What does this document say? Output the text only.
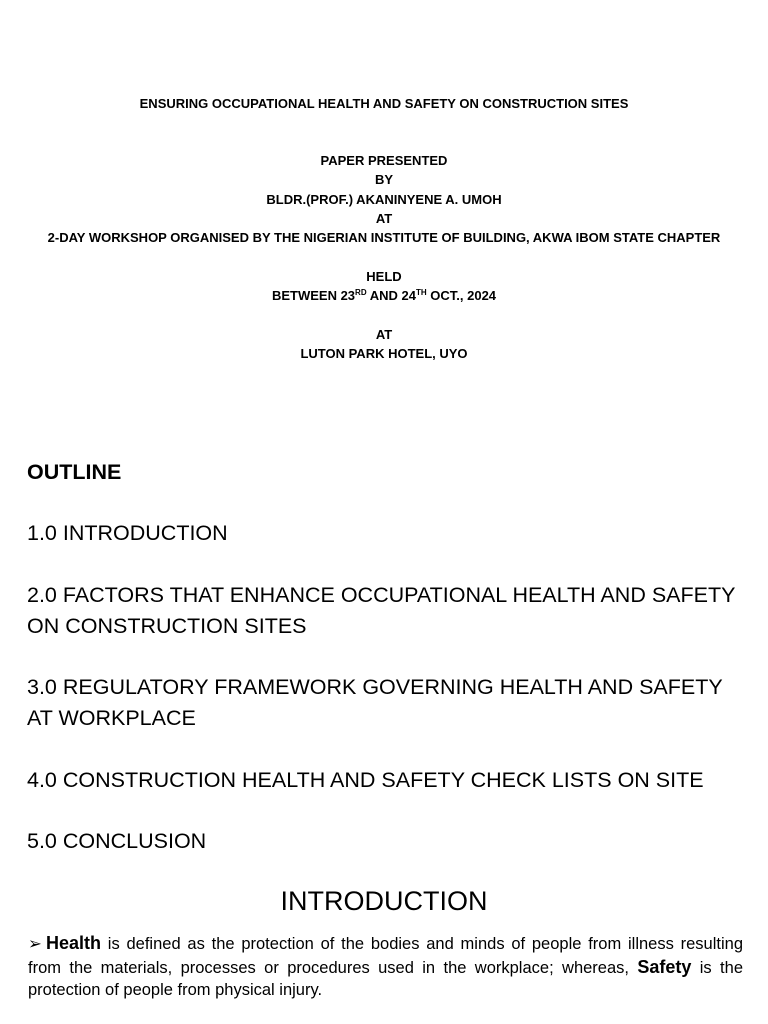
ENSURING OCCUPATIONAL HEALTH AND SAFETY ON CONSTRUCTION SITES
PAPER PRESENTED
BY
BLDR.(PROF.) AKANINYENE A. UMOH
AT
2-DAY WORKSHOP ORGANISED BY THE NIGERIAN INSTITUTE OF BUILDING, AKWA IBOM STATE CHAPTER
HELD
BETWEEN 23RD AND 24TH OCT., 2024
AT
LUTON PARK HOTEL, UYO
OUTLINE
1.0 INTRODUCTION
2.0 FACTORS THAT ENHANCE OCCUPATIONAL HEALTH AND SAFETY ON CONSTRUCTION SITES
3.0 REGULATORY FRAMEWORK GOVERNING HEALTH AND SAFETY AT WORKPLACE
4.0 CONSTRUCTION HEALTH AND SAFETY CHECK LISTS ON SITE
5.0 CONCLUSION
INTRODUCTION
➢ Health is defined as the protection of the bodies and minds of people from illness resulting from the materials, processes or procedures used in the workplace; whereas, Safety is the protection of people from physical injury.
